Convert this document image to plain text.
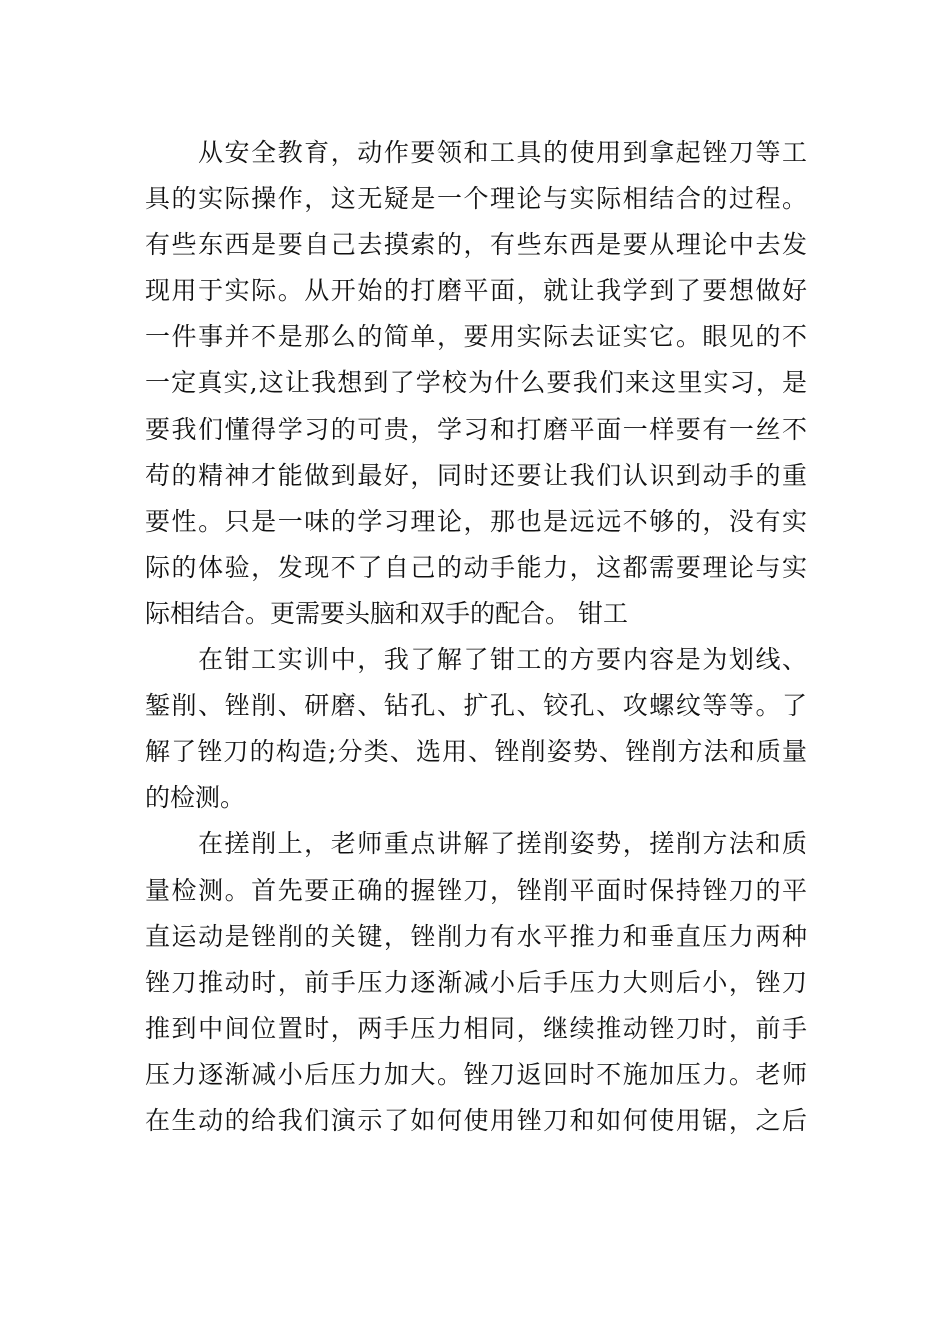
从安全教育，动作要领和工具的使用到拿起锉刀等工
具的实际操作，这无疑是一个理论与实际相结合的过程。
有些东西是要自己去摸索的，有些东西是要从理论中去发
现用于实际。从开始的打磨平面，就让我学到了要想做好
一件事并不是那么的简单，要用实际去证实它。眼见的不
一定真实,这让我想到了学校为什么要我们来这里实习，是
要我们懂得学习的可贵，学习和打磨平面一样要有一丝不
苟的精神才能做到最好，同时还要让我们认识到动手的重
要性。只是一味的学习理论，那也是远远不够的，没有实
际的体验，发现不了自己的动手能力，这都需要理论与实
际相结合。更需要头脑和双手的配合。 钳工
在钳工实训中，我了解了钳工的方要内容是为划线、
錾削、锉削、研磨、钻孔、扩孔、铰孔、攻螺纹等等。了
解了锉刀的构造;分类、选用、锉削姿势、锉削方法和质量
的检测。
在搓削上，老师重点讲解了搓削姿势，搓削方法和质
量检测。首先要正确的握锉刀，锉削平面时保持锉刀的平
直运动是锉削的关键，锉削力有水平推力和垂直压力两种
锉刀推动时，前手压力逐渐减小后手压力大则后小，锉刀
推到中间位置时，两手压力相同，继续推动锉刀时，前手
压力逐渐减小后压力加大。锉刀返回时不施加压力。老师
在生动的给我们演示了如何使用锉刀和如何使用锯，之后
